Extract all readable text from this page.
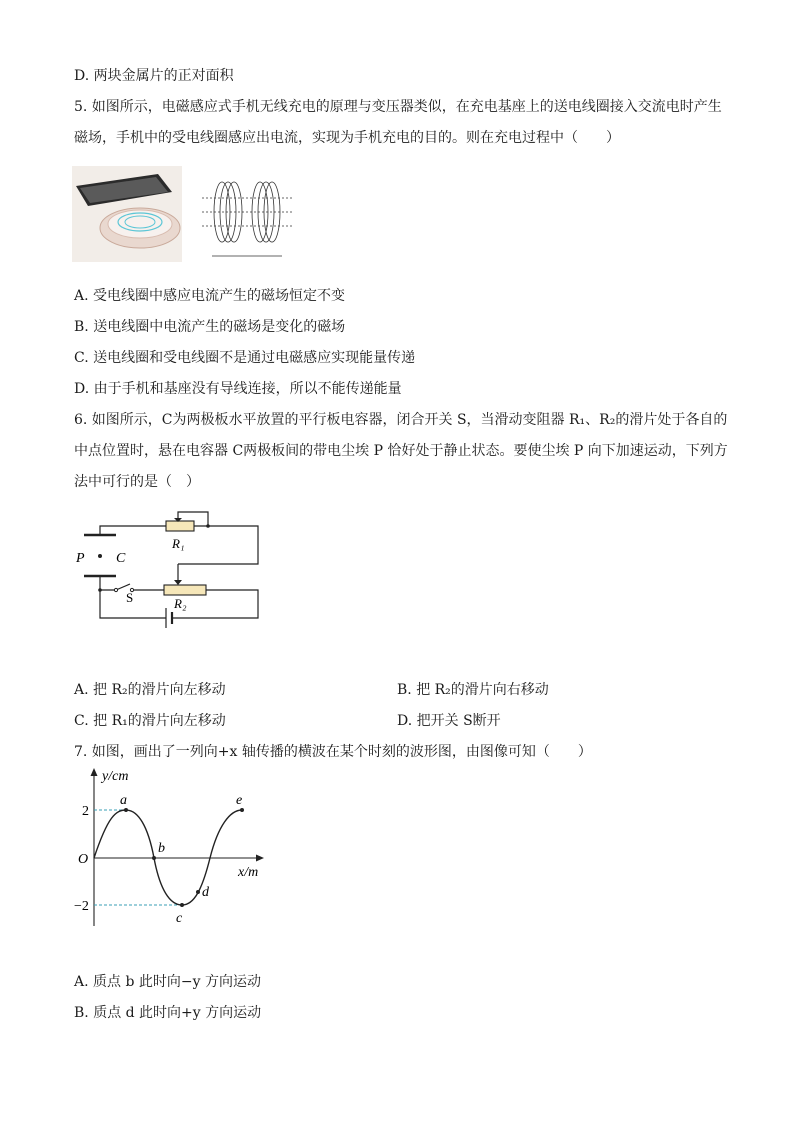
D. 两块金属片的正对面积
5. 如图所示，电磁感应式手机无线充电的原理与变压器类似，在充电基座上的送电线圈接入交流电时产生
磁场，手机中的受电线圈感应出电流，实现为手机充电的目的。则在充电过程中（　　）
A. 受电线圈中感应电流产生的磁场恒定不变
B. 送电线圈中电流产生的磁场是变化的磁场
C. 送电线圈和受电线圈不是通过电磁感应实现能量传递
D. 由于手机和基座没有导线连接，所以不能传递能量
6. 如图所示，C为两极板水平放置的平行板电容器，闭合开关 S，当滑动变阻器 R₁、R₂的滑片处于各自的
中点位置时，悬在电容器 C两极板间的带电尘埃 P 恰好处于静止状态。要使尘埃 P 向下加速运动，下列方
法中可行的是（　）
P C
R₁
R₂
S
A. 把 R₂的滑片向左移动	B. 把 R₂的滑片向右移动
C. 把 R₁的滑片向左移动	D. 把开关 S断开
7. 如图，画出了一列向+x 轴传播的横波在某个时刻的波形图，由图像可知（　　）
y/cm
x/m
O
2
−2
a
b
c
d
e
A. 质点 b 此时向−y 方向运动
B. 质点 d 此时向+y 方向运动
